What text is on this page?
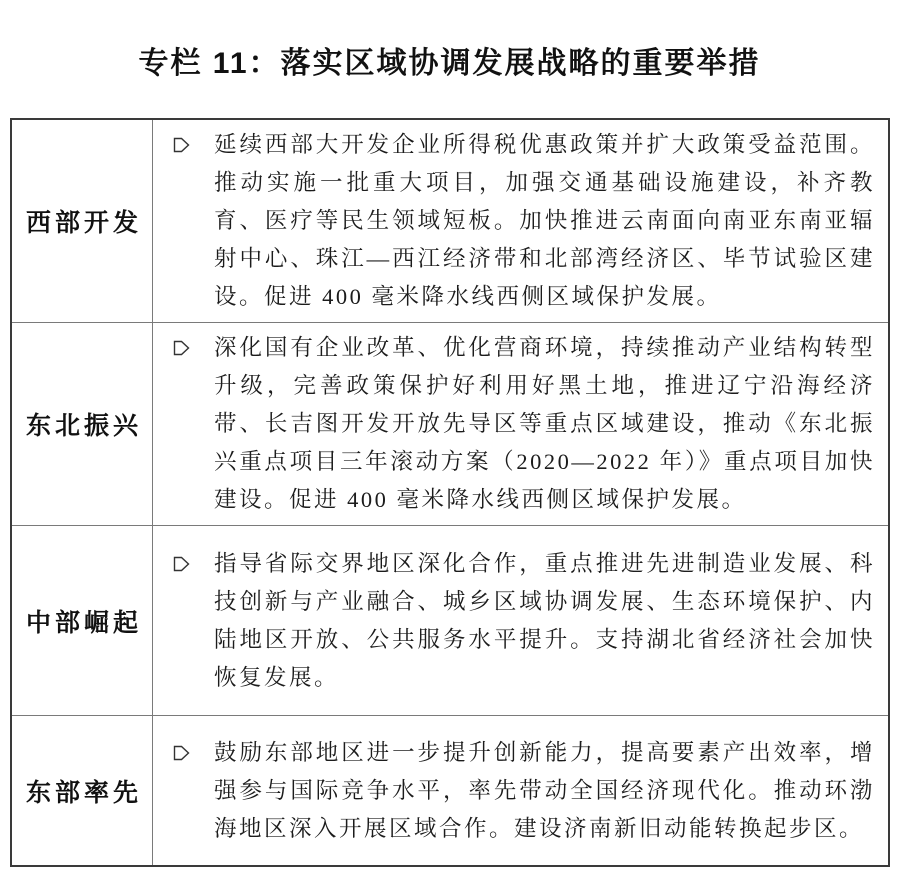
专栏 11：落实区域协调发展战略的重要举措
西部开发

延续西部大开发企业所得税优惠政策并扩大政策受益范围。推动实施一批重大项目，加强交通基础设施建设，补齐教育、医疗等民生领域短板。加快推进云南面向南亚东南亚辐射中心、珠江—西江经济带和北部湾经济区、毕节试验区建设。促进 400 毫米降水线西侧区域保护发展。

东北振兴

深化国有企业改革、优化营商环境，持续推动产业结构转型升级，完善政策保护好利用好黑土地，推进辽宁沿海经济带、长吉图开发开放先导区等重点区域建设，推动《东北振兴重点项目三年滚动方案（2020—2022 年）》重点项目加快建设。促进 400 毫米降水线西侧区域保护发展。

中部崛起

指导省际交界地区深化合作，重点推进先进制造业发展、科技创新与产业融合、城乡区域协调发展、生态环境保护、内陆地区开放、公共服务水平提升。支持湖北省经济社会加快恢复发展。

东部率先

鼓励东部地区进一步提升创新能力，提高要素产出效率，增强参与国际竞争水平，率先带动全国经济现代化。推动环渤海地区深入开展区域合作。建设济南新旧动能转换起步区。
